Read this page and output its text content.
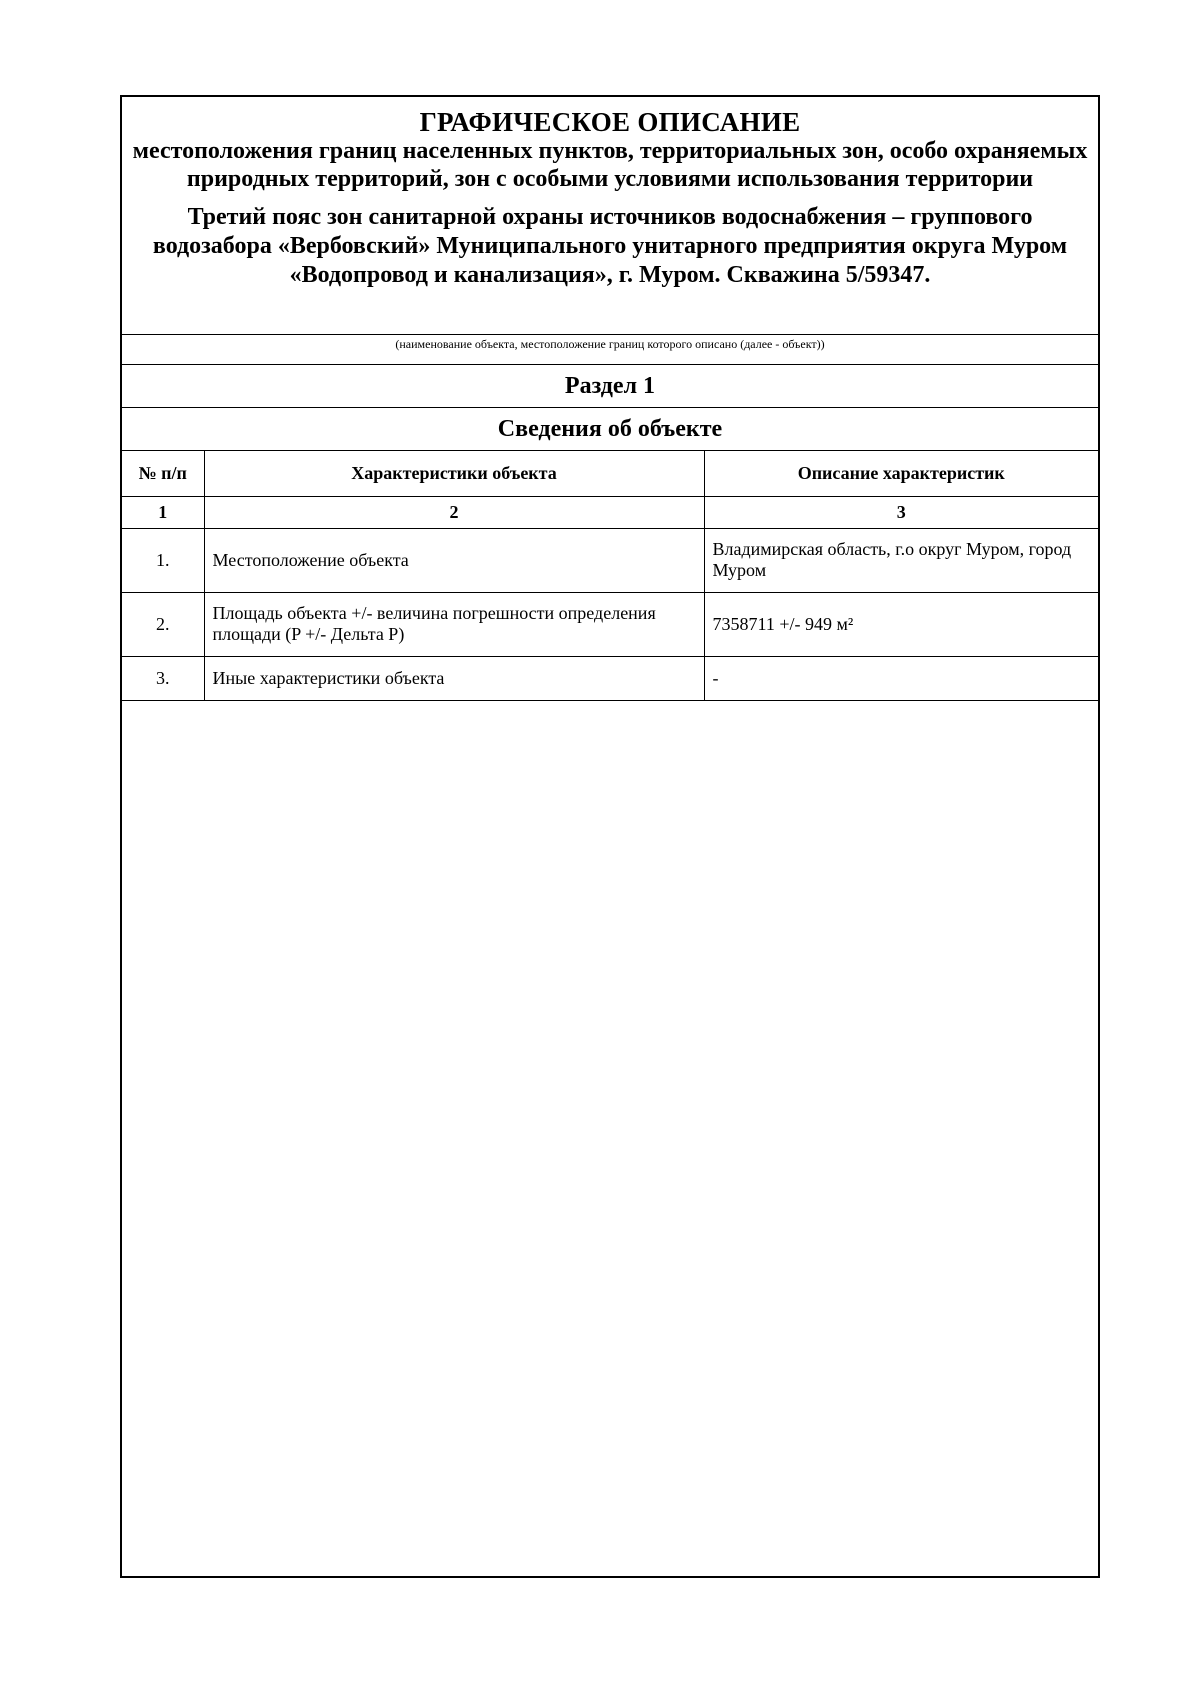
ГРАФИЧЕСКОЕ ОПИСАНИЕ
местоположения границ населенных пунктов, территориальных зон, особо охраняемых природных территорий, зон с особыми условиями использования территории
Третий пояс зон санитарной охраны источников водоснабжения – группового водозабора «Вербовский» Муниципального унитарного предприятия округа Муром «Водопровод и канализация», г. Муром. Скважина 5/59347.
(наименование объекта, местоположение границ которого описано (далее - объект))
Раздел 1
Сведения об объекте
№ п/п	Характеристики объекта	Описание характеристик
1	2	3
1.	Местоположение объекта	Владимирская область, г.о округ Муром, город Муром
2.	Площадь объекта +/- величина погрешности определения площади (P +/- Дельта P)	7358711 +/- 949 м²
3.	Иные характеристики объекта	-
